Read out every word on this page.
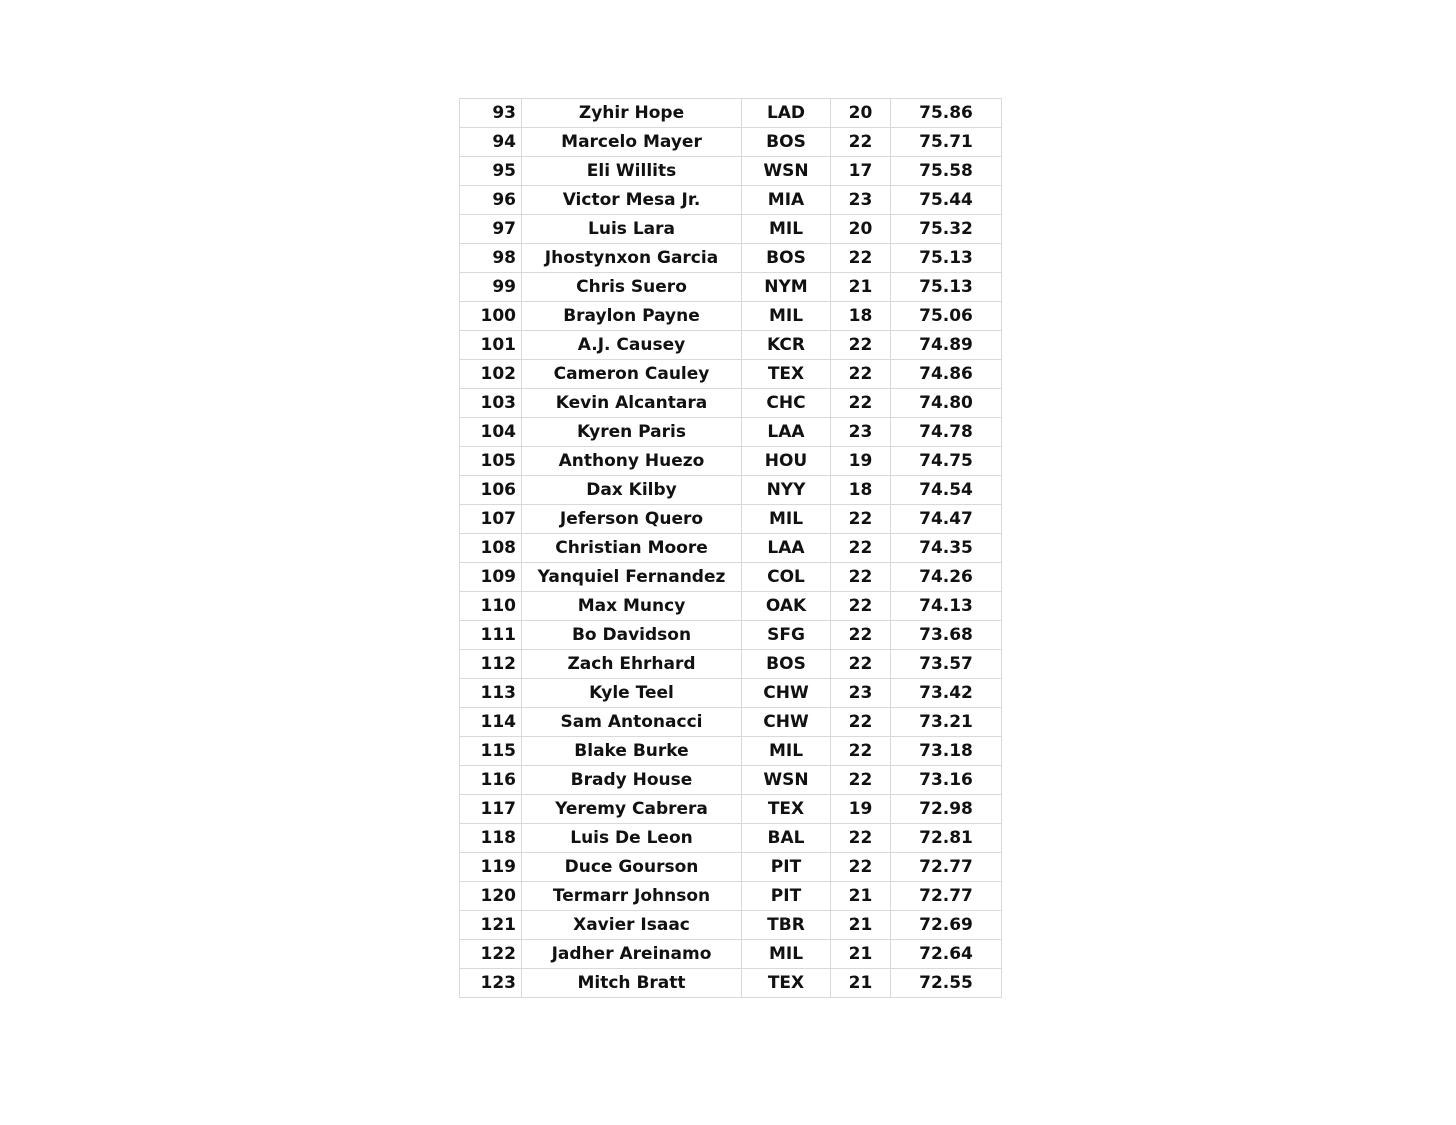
93	Zyhir Hope	LAD	20	75.86
94	Marcelo Mayer	BOS	22	75.71
95	Eli Willits	WSN	17	75.58
96	Victor Mesa Jr.	MIA	23	75.44
97	Luis Lara	MIL	20	75.32
98	Jhostynxon Garcia	BOS	22	75.13
99	Chris Suero	NYM	21	75.13
100	Braylon Payne	MIL	18	75.06
101	A.J. Causey	KCR	22	74.89
102	Cameron Cauley	TEX	22	74.86
103	Kevin Alcantara	CHC	22	74.80
104	Kyren Paris	LAA	23	74.78
105	Anthony Huezo	HOU	19	74.75
106	Dax Kilby	NYY	18	74.54
107	Jeferson Quero	MIL	22	74.47
108	Christian Moore	LAA	22	74.35
109	Yanquiel Fernandez	COL	22	74.26
110	Max Muncy	OAK	22	74.13
111	Bo Davidson	SFG	22	73.68
112	Zach Ehrhard	BOS	22	73.57
113	Kyle Teel	CHW	23	73.42
114	Sam Antonacci	CHW	22	73.21
115	Blake Burke	MIL	22	73.18
116	Brady House	WSN	22	73.16
117	Yeremy Cabrera	TEX	19	72.98
118	Luis De Leon	BAL	22	72.81
119	Duce Gourson	PIT	22	72.77
120	Termarr Johnson	PIT	21	72.77
121	Xavier Isaac	TBR	21	72.69
122	Jadher Areinamo	MIL	21	72.64
123	Mitch Bratt	TEX	21	72.55
